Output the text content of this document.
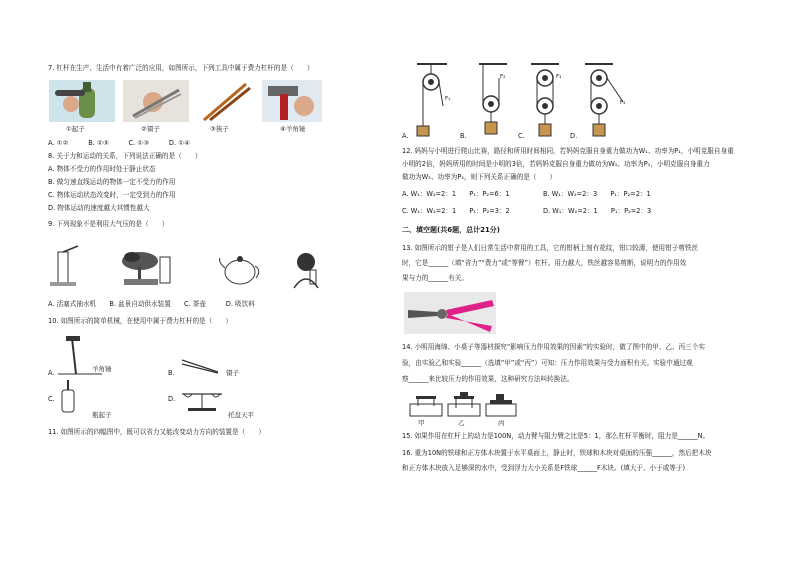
7. 杠杆在生产、生活中有着广泛的应用，如图所示，下列工具中属于费力杠杆的是（　　）
①起子	②镊子	③筷子	④羊角锤
A. ①②　　　B. ②③　　　C. ①③　　　D. ①④
8. 关于力和运动的关系，下列说法正确的是（　　）
A. 物体不受力的作用时处于静止状态
B. 做匀速直线运动的物体一定不受力的作用
C. 物体运动状态改变时，一定受到力的作用
D. 物体运动的速度越大其惯性越大
9. 下列现象不是利用大气压的是（　　）
A. 活塞式抽水机　　B. 盆景自动供水装置　　C. 茶壶　　　D. 吸饮料
10. 如图所示的简单机械，在使用中属于费力杠杆的是（　　）
A.	羊角锤	B.	镊子
C.
瓶起子
D.
托盘天平
11. 如图所示的四幅图中，既可以省力又能改变动力方向的装置是（　　）
F₁
F₂	F₃
F₄
A.	B.	C.	D.
12. 妈妈与小明进行爬山比赛，路径和所用时间相同，若妈妈克服自身重力做功为W₁、功率为P₁，小明克服自身重
小明的2倍，妈妈所用的时间是小明的3倍，若妈妈克服自身重力做功为W₁、功率为P₁，小明克服自身重力
做功为W₂、功率为P₂，则下列关系正确的是（　　）
A. W₁：W₂=2：1　　P₁：P₂=6：1	B. W₁：W₂=2：3　　P₁：P₂=2：1
C. W₁：W₂=2：1　　P₁：P₂=3：2	D. W₁：W₂=2：1　　P₁：P₂=2：3
二、填空题(共6题，总计21分)
13. 如图所示的钳子是人们日常生活中常用的工具，它的钳柄上刻有花纹，钳口较薄，使用钳子剪铁丝
时，它是______（填“省力”“费力”或“等臂”）杠杆。用力越大，铁丝越容易剪断，说明力的作用效
果与力的______有关。
14. 小明用海绵、小桌子等器材探究“影响压力作用效果的因素”的实验时，做了图中的甲、乙、丙三个实
验，由实验乙和实验______（选填“甲”或“丙”）可知：压力作用效果与受力面积有关。实验中通过观
察______来比较压力的作用效果，这种研究方法叫转换法。
甲	乙	丙
15. 如果作用在杠杆上的动力是100N，动力臂与阻力臂之比是5：1，那么杠杆平衡时，阻力是______N。
16. 重为10N的铁球和正方体木块置于水平桌面上，静止时，铁球和木块对桌面的压强______，然后把木块
和正方体木块放入足够深的水中，受到浮力大小关系是F铁球______F木块。(填大于、小于或等于)
